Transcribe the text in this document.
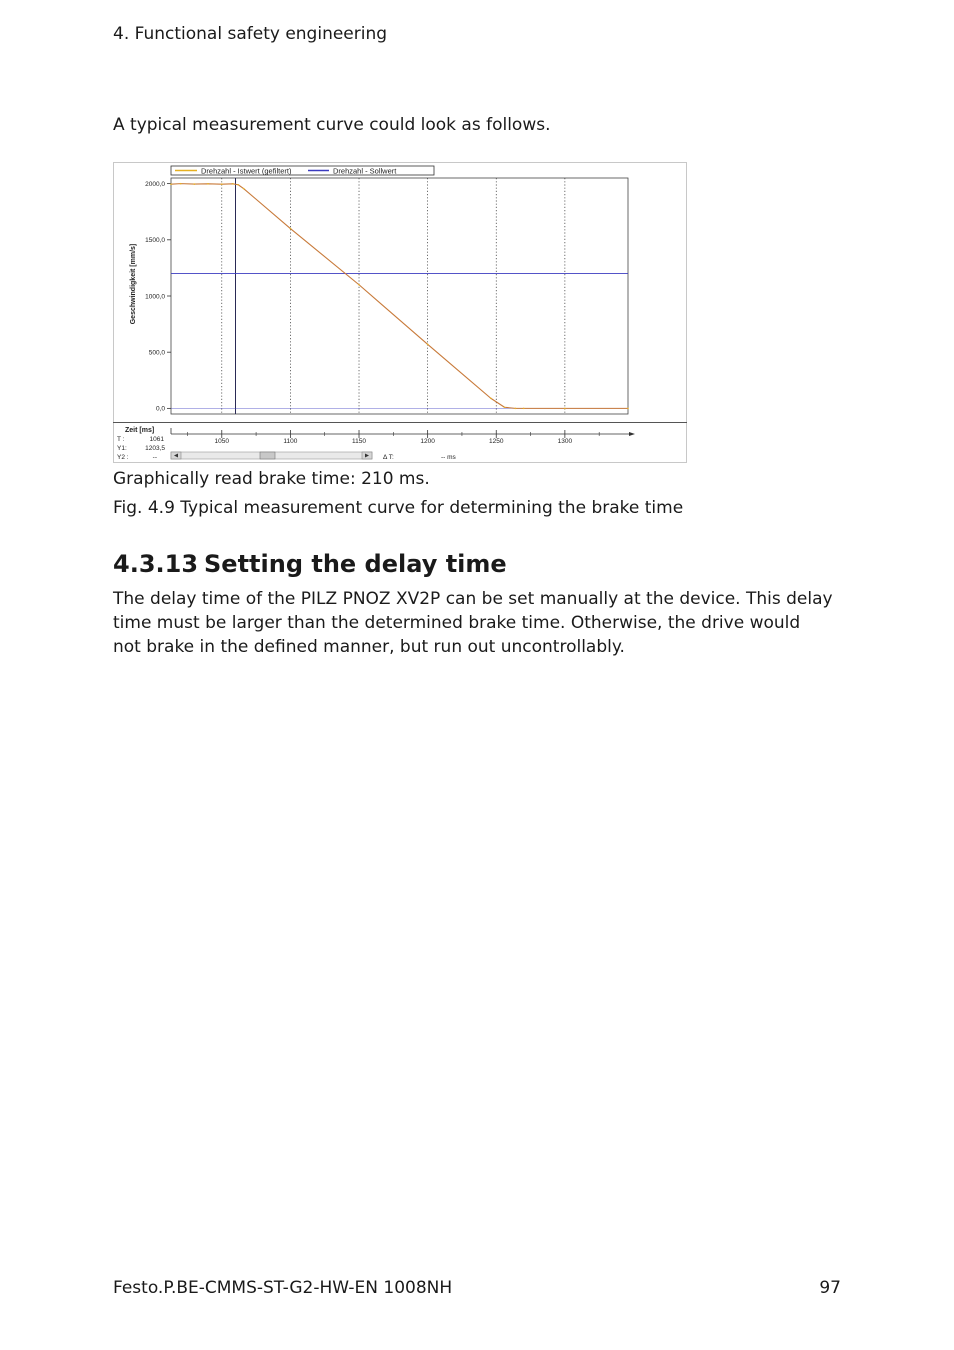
4. Functional safety engineering
A typical measurement curve could look as follows.
Drehzahl - Istwert (gefiltert)	Drehzahl - Sollwert
Geschwindigkeit [mm/s]
0,0
500,0
1000,0
1500,0
2000,0
1050	1100	1150	1200	1250	1300
Zeit [ms]
T :	1061
Y1:	1203,5
Y2 :	--	Δ T:	-- ms
Graphically read brake time: 210 ms.
Fig. 4.9 Typical measurement curve for determining the brake time
4.3.13 Setting the delay time
The delay time of the PILZ PNOZ XV2P can be set manually at the device. This delay time must be larger than the determined brake time. Otherwise, the drive would not brake in the defined manner, but run out uncontrollably.
Festo.P.BE-CMMS-ST-G2-HW-EN 1008NH	97
